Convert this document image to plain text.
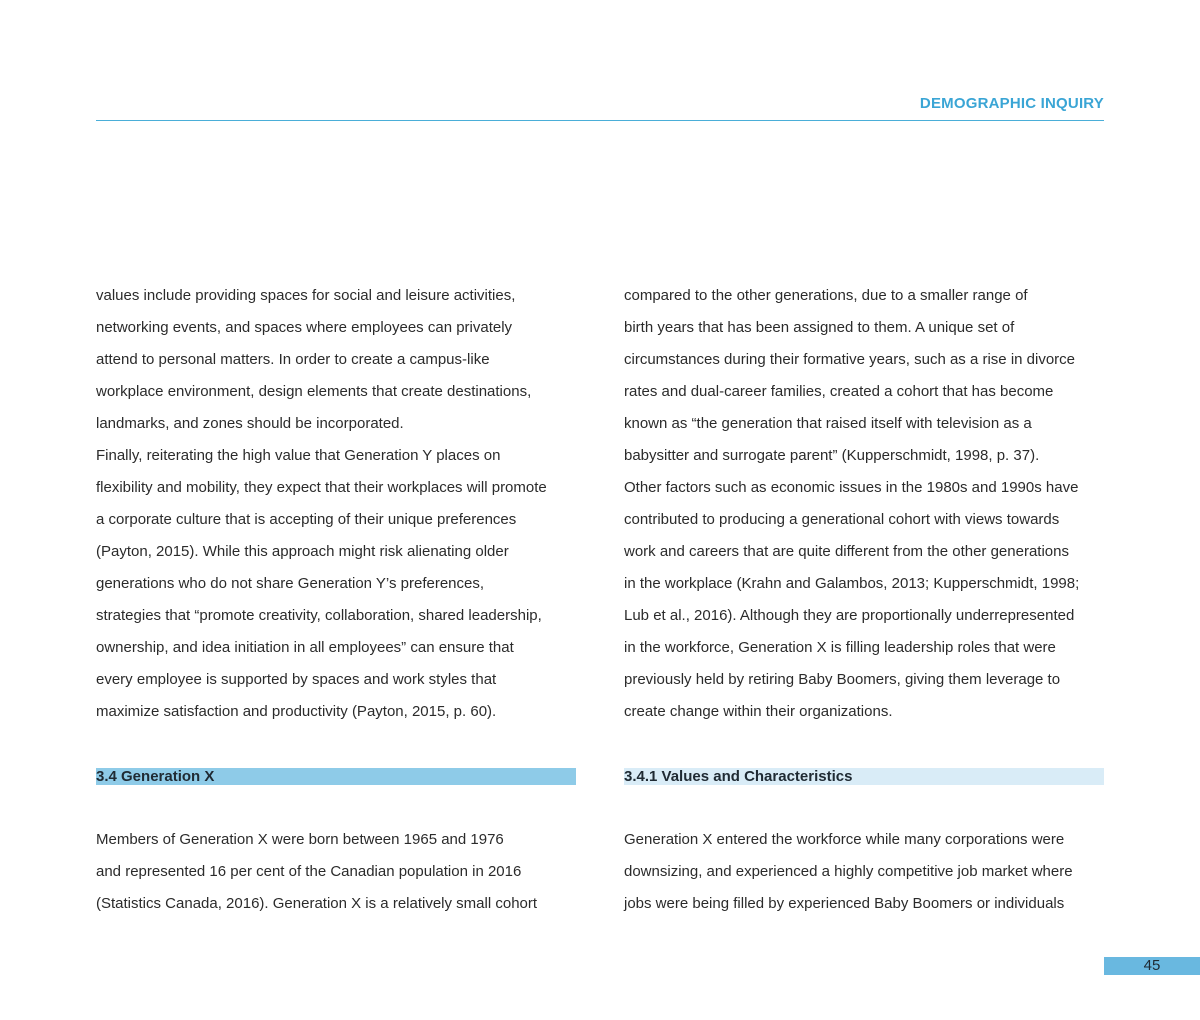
DEMOGRAPHIC INQUIRY
values include providing spaces for social and leisure activities,
networking events, and spaces where employees can privately
attend to personal matters. In order to create a campus-like
workplace environment, design elements that create destinations,
landmarks, and zones should be incorporated.
Finally, reiterating the high value that Generation Y places on
flexibility and mobility, they expect that their workplaces will promote
a corporate culture that is accepting of their unique preferences
(Payton, 2015). While this approach might risk alienating older
generations who do not share Generation Y’s preferences,
strategies that “promote creativity, collaboration, shared leadership,
ownership, and idea initiation in all employees” can ensure that
every employee is supported by spaces and work styles that
maximize satisfaction and productivity (Payton, 2015, p. 60).
compared to the other generations, due to a smaller range of
birth years that has been assigned to them. A unique set of
circumstances during their formative years, such as a rise in divorce
rates and dual-career families, created a cohort that has become
known as “the generation that raised itself with television as a
babysitter and surrogate parent” (Kupperschmidt, 1998, p. 37).
Other factors such as economic issues in the 1980s and 1990s have
contributed to producing a generational cohort with views towards
work and careers that are quite different from the other generations
in the workplace (Krahn and Galambos, 2013; Kupperschmidt, 1998;
Lub et al., 2016). Although they are proportionally underrepresented
in the workforce, Generation X is filling leadership roles that were
previously held by retiring Baby Boomers, giving them leverage to
create change within their organizations.
3.4 Generation X	3.4.1 Values and Characteristics
Members of Generation X were born between 1965 and 1976
and represented 16 per cent of the Canadian population in 2016
(Statistics Canada, 2016). Generation X is a relatively small cohort
Generation X entered the workforce while many corporations were
downsizing, and experienced a highly competitive job market where
jobs were being filled by experienced Baby Boomers or individuals
45
